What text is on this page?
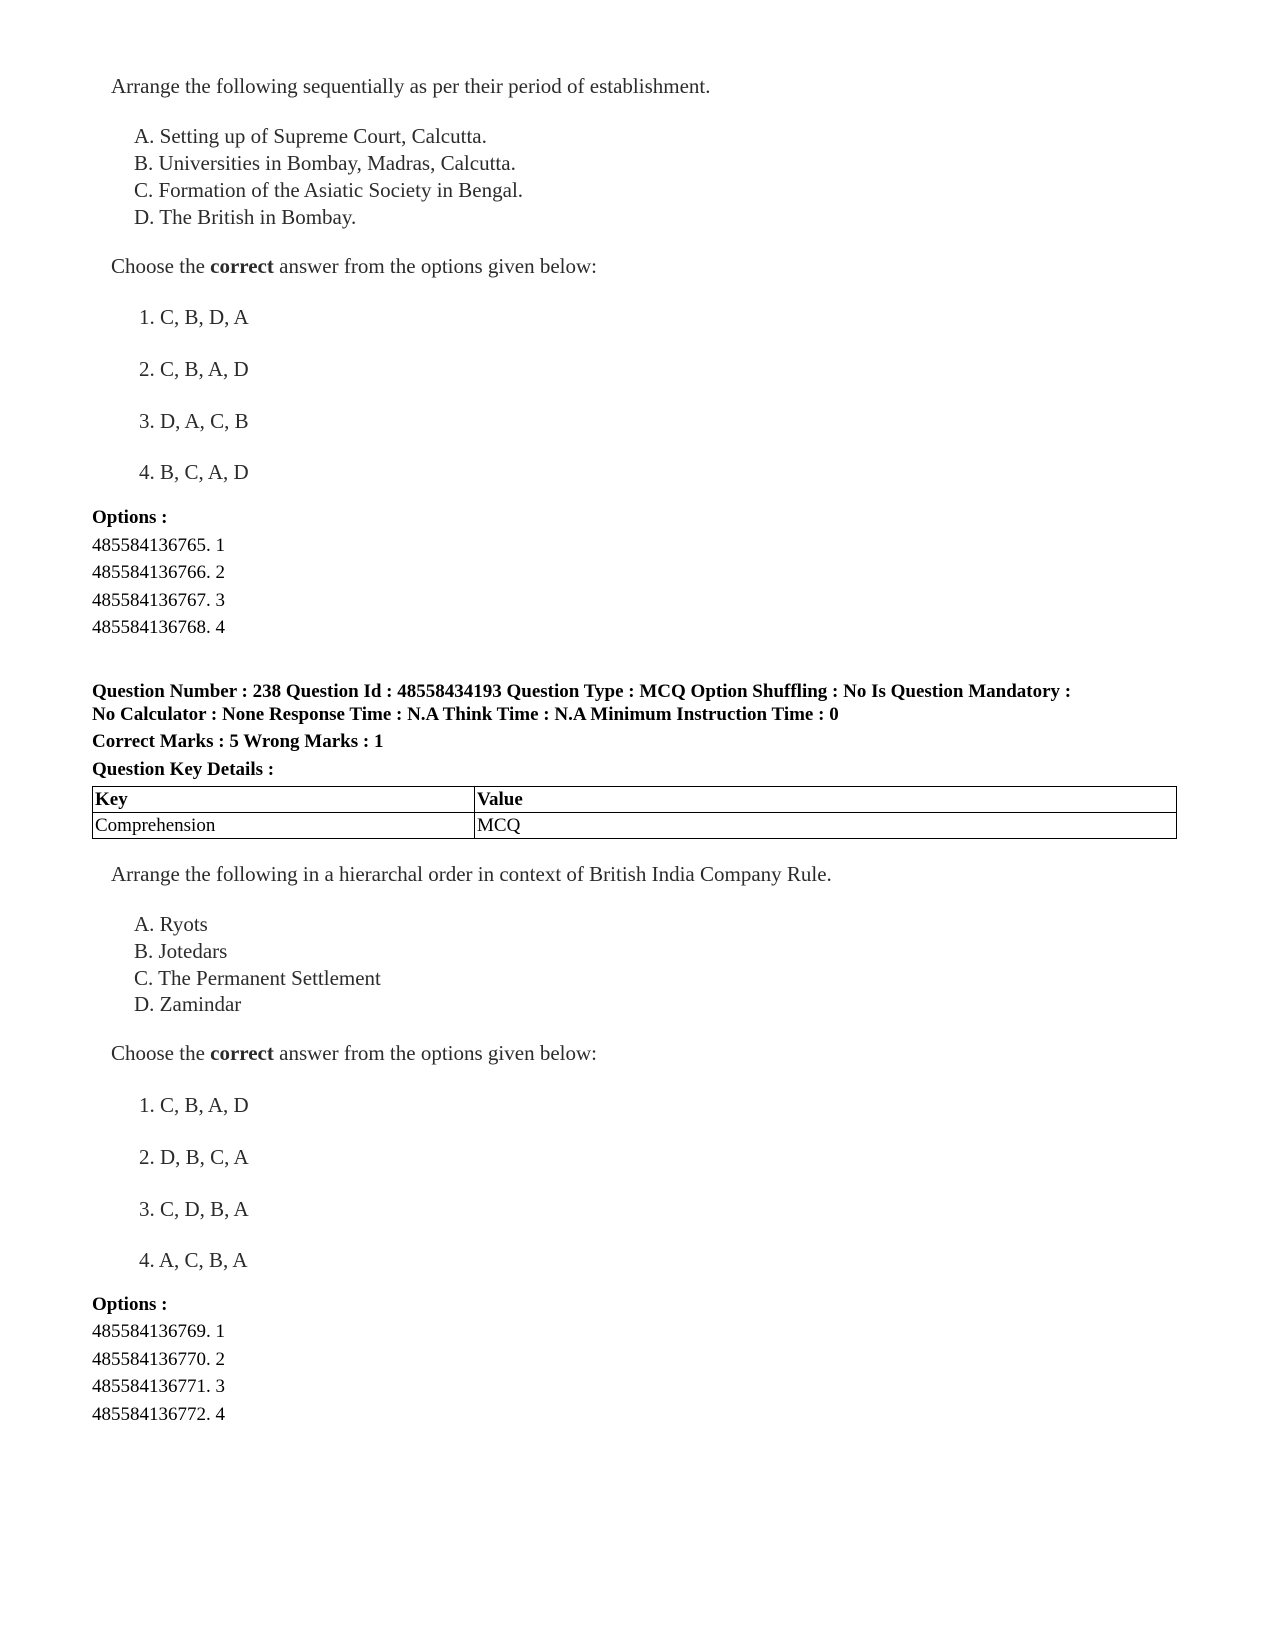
Arrange the following sequentially as per their period of establishment.
A. Setting up of Supreme Court, Calcutta.
B. Universities in Bombay, Madras, Calcutta.
C. Formation of the Asiatic Society in Bengal.
D. The British in Bombay.
Choose the correct answer from the options given below:
1. C, B, D, A
2. C, B, A, D
3. D, A, C, B
4. B, C, A, D
Options :
485584136765. 1
485584136766. 2
485584136767. 3
485584136768. 4
Question Number : 238 Question Id : 48558434193 Question Type : MCQ Option Shuffling : No Is Question Mandatory :
No Calculator : None Response Time : N.A Think Time : N.A Minimum Instruction Time : 0
Correct Marks : 5 Wrong Marks : 1
Question Key Details :
Key	Value
Comprehension	MCQ
Arrange the following in a hierarchal order in context of British India Company Rule.
A. Ryots
B. Jotedars
C. The Permanent Settlement
D. Zamindar
Choose the correct answer from the options given below:
1. C, B, A, D
2. D, B, C, A
3. C, D, B, A
4. A, C, B, A
Options :
485584136769. 1
485584136770. 2
485584136771. 3
485584136772. 4
